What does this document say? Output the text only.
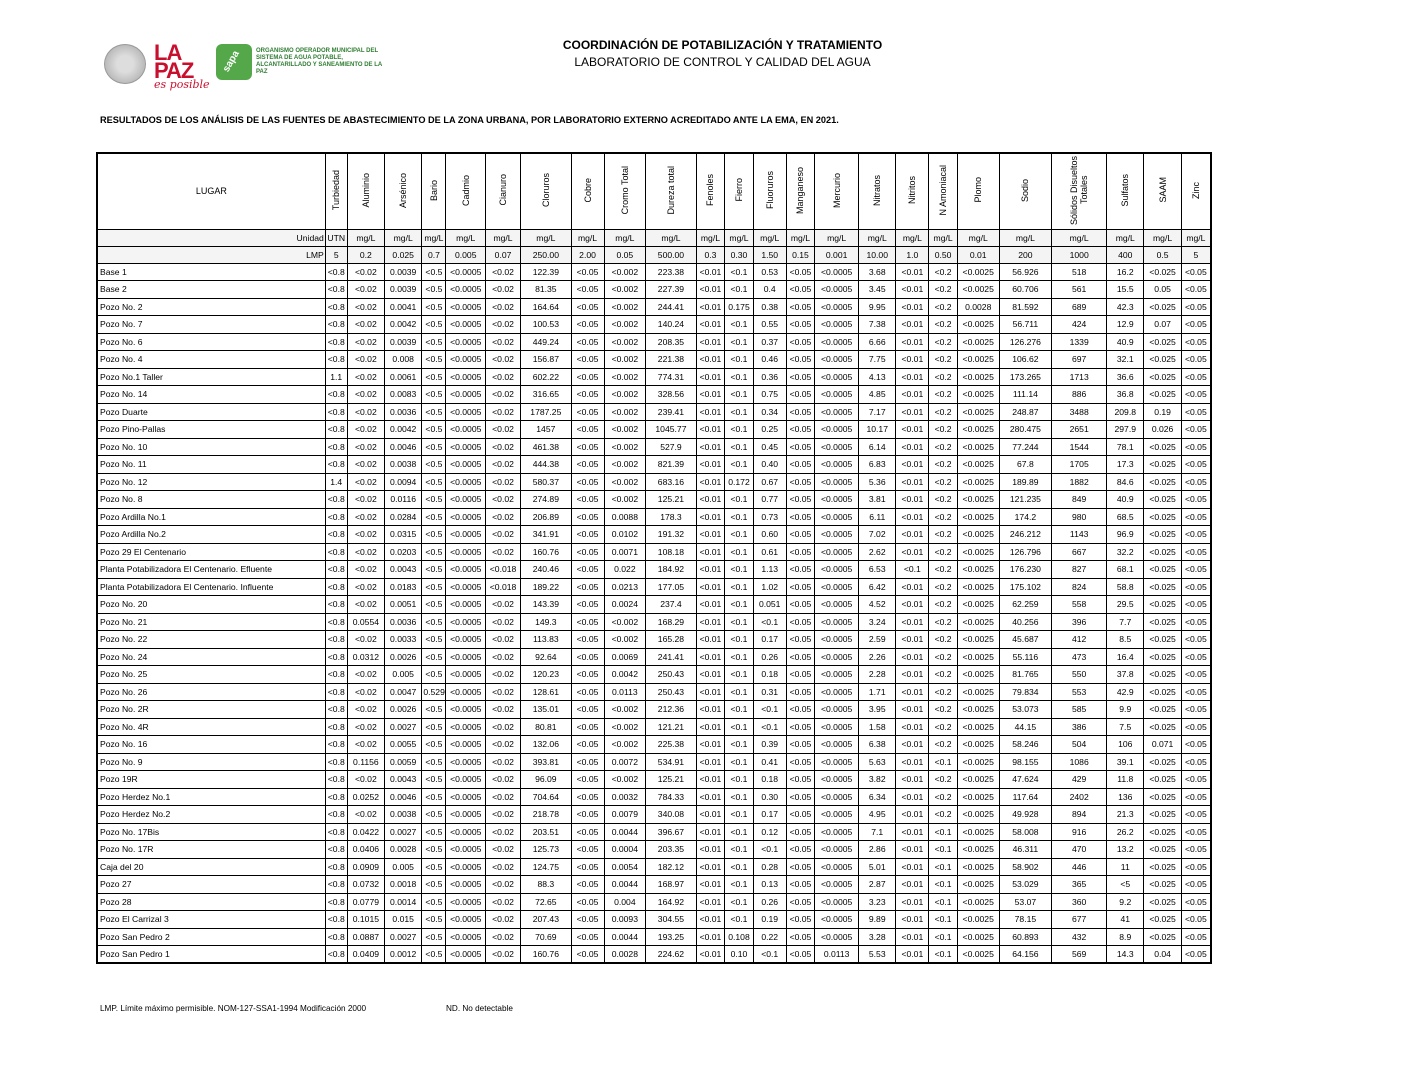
LA
PAZ
es posible
sapa ORGANISMO OPERADOR MUNICIPAL DEL SISTEMA DE AGUA POTABLE, ALCANTARILLADO Y SANEAMIENTO DE LA PAZ
COORDINACIÓN DE POTABILIZACIÓN Y TRATAMIENTO
LABORATORIO DE CONTROL Y CALIDAD DEL AGUA
RESULTADOS DE LOS ANÁLISIS DE LAS FUENTES DE ABASTECIMIENTO DE LA ZONA URBANA, POR LABORATORIO EXTERNO ACREDITADO ANTE LA EMA, EN 2021.
LUGAR	Turbiedad	Aluminio	Arsénico	Bario	Cadmio	Cianuro	Cloruros	Cobre	Cromo Total	Dureza total	Fenoles	Fierro	Fluoruros	Manganeso	Mercurio	Nitratos	Nitritos	N Amoniacal	Plomo	Sodio	Sólidos Disueltos Totales	Sulfatos	SAAM	Zinc
Unidad	UTN	mg/L	mg/L	mg/L	mg/L	mg/L	mg/L	mg/L	mg/L	mg/L	mg/L	mg/L	mg/L	mg/L	mg/L	mg/L	mg/L	mg/L	mg/L	mg/L	mg/L	mg/L	mg/L	mg/L
LMP	5	0.2	0.025	0.7	0.005	0.07	250.00	2.00	0.05	500.00	0.3	0.30	1.50	0.15	0.001	10.00	1.0	0.50	0.01	200	1000	400	0.5	5
Base 1	<0.8	<0.02	0.0039	<0.5	<0.0005	<0.02	122.39	<0.05	<0.002	223.38	<0.01	<0.1	0.53	<0.05	<0.0005	3.68	<0.01	<0.2	<0.0025	56.926	518	16.2	<0.025	<0.05
Base 2	<0.8	<0.02	0.0039	<0.5	<0.0005	<0.02	81.35	<0.05	<0.002	227.39	<0.01	<0.1	0.4	<0.05	<0.0005	3.45	<0.01	<0.2	<0.0025	60.706	561	15.5	0.05	<0.05
Pozo No. 2	<0.8	<0.02	0.0041	<0.5	<0.0005	<0.02	164.64	<0.05	<0.002	244.41	<0.01	0.175	0.38	<0.05	<0.0005	9.95	<0.01	<0.2	0.0028	81.592	689	42.3	<0.025	<0.05
Pozo No. 7	<0.8	<0.02	0.0042	<0.5	<0.0005	<0.02	100.53	<0.05	<0.002	140.24	<0.01	<0.1	0.55	<0.05	<0.0005	7.38	<0.01	<0.2	<0.0025	56.711	424	12.9	0.07	<0.05
Pozo No. 6	<0.8	<0.02	0.0039	<0.5	<0.0005	<0.02	449.24	<0.05	<0.002	208.35	<0.01	<0.1	0.37	<0.05	<0.0005	6.66	<0.01	<0.2	<0.0025	126.276	1339	40.9	<0.025	<0.05
Pozo No. 4	<0.8	<0.02	0.008	<0.5	<0.0005	<0.02	156.87	<0.05	<0.002	221.38	<0.01	<0.1	0.46	<0.05	<0.0005	7.75	<0.01	<0.2	<0.0025	106.62	697	32.1	<0.025	<0.05
Pozo No.1 Taller	1.1	<0.02	0.0061	<0.5	<0.0005	<0.02	602.22	<0.05	<0.002	774.31	<0.01	<0.1	0.36	<0.05	<0.0005	4.13	<0.01	<0.2	<0.0025	173.265	1713	36.6	<0.025	<0.05
Pozo No. 14	<0.8	<0.02	0.0083	<0.5	<0.0005	<0.02	316.65	<0.05	<0.002	328.56	<0.01	<0.1	0.75	<0.05	<0.0005	4.85	<0.01	<0.2	<0.0025	111.14	886	36.8	<0.025	<0.05
Pozo Duarte	<0.8	<0.02	0.0036	<0.5	<0.0005	<0.02	1787.25	<0.05	<0.002	239.41	<0.01	<0.1	0.34	<0.05	<0.0005	7.17	<0.01	<0.2	<0.0025	248.87	3488	209.8	0.19	<0.05
Pozo Pino-Pallas	<0.8	<0.02	0.0042	<0.5	<0.0005	<0.02	1457	<0.05	<0.002	1045.77	<0.01	<0.1	0.25	<0.05	<0.0005	10.17	<0.01	<0.2	<0.0025	280.475	2651	297.9	0.026	<0.05
Pozo No. 10	<0.8	<0.02	0.0046	<0.5	<0.0005	<0.02	461.38	<0.05	<0.002	527.9	<0.01	<0.1	0.45	<0.05	<0.0005	6.14	<0.01	<0.2	<0.0025	77.244	1544	78.1	<0.025	<0.05
Pozo No. 11	<0.8	<0.02	0.0038	<0.5	<0.0005	<0.02	444.38	<0.05	<0.002	821.39	<0.01	<0.1	0.40	<0.05	<0.0005	6.83	<0.01	<0.2	<0.0025	67.8	1705	17.3	<0.025	<0.05
Pozo No. 12	1.4	<0.02	0.0094	<0.5	<0.0005	<0.02	580.37	<0.05	<0.002	683.16	<0.01	0.172	0.67	<0.05	<0.0005	5.36	<0.01	<0.2	<0.0025	189.89	1882	84.6	<0.025	<0.05
Pozo No. 8	<0.8	<0.02	0.0116	<0.5	<0.0005	<0.02	274.89	<0.05	<0.002	125.21	<0.01	<0.1	0.77	<0.05	<0.0005	3.81	<0.01	<0.2	<0.0025	121.235	849	40.9	<0.025	<0.05
Pozo Ardilla No.1	<0.8	<0.02	0.0284	<0.5	<0.0005	<0.02	206.89	<0.05	0.0088	178.3	<0.01	<0.1	0.73	<0.05	<0.0005	6.11	<0.01	<0.2	<0.0025	174.2	980	68.5	<0.025	<0.05
Pozo Ardilla No.2	<0.8	<0.02	0.0315	<0.5	<0.0005	<0.02	341.91	<0.05	0.0102	191.32	<0.01	<0.1	0.60	<0.05	<0.0005	7.02	<0.01	<0.2	<0.0025	246.212	1143	96.9	<0.025	<0.05
Pozo 29 El Centenario	<0.8	<0.02	0.0203	<0.5	<0.0005	<0.02	160.76	<0.05	0.0071	108.18	<0.01	<0.1	0.61	<0.05	<0.0005	2.62	<0.01	<0.2	<0.0025	126.796	667	32.2	<0.025	<0.05
Planta Potabilizadora El Centenario. Efluente	<0.8	<0.02	0.0043	<0.5	<0.0005	<0.018	240.46	<0.05	0.022	184.92	<0.01	<0.1	1.13	<0.05	<0.0005	6.53	<0.1	<0.2	<0.0025	176.230	827	68.1	<0.025	<0.05
Planta Potabilizadora El Centenario. Influente	<0.8	<0.02	0.0183	<0.5	<0.0005	<0.018	189.22	<0.05	0.0213	177.05	<0.01	<0.1	1.02	<0.05	<0.0005	6.42	<0.01	<0.2	<0.0025	175.102	824	58.8	<0.025	<0.05
Pozo No. 20	<0.8	<0.02	0.0051	<0.5	<0.0005	<0.02	143.39	<0.05	0.0024	237.4	<0.01	<0.1	0.051	<0.05	<0.0005	4.52	<0.01	<0.2	<0.0025	62.259	558	29.5	<0.025	<0.05
Pozo No. 21	<0.8	0.0554	0.0036	<0.5	<0.0005	<0.02	149.3	<0.05	<0.002	168.29	<0.01	<0.1	<0.1	<0.05	<0.0005	3.24	<0.01	<0.2	<0.0025	40.256	396	7.7	<0.025	<0.05
Pozo No. 22	<0.8	<0.02	0.0033	<0.5	<0.0005	<0.02	113.83	<0.05	<0.002	165.28	<0.01	<0.1	0.17	<0.05	<0.0005	2.59	<0.01	<0.2	<0.0025	45.687	412	8.5	<0.025	<0.05
Pozo No. 24	<0.8	0.0312	0.0026	<0.5	<0.0005	<0.02	92.64	<0.05	0.0069	241.41	<0.01	<0.1	0.26	<0.05	<0.0005	2.26	<0.01	<0.2	<0.0025	55.116	473	16.4	<0.025	<0.05
Pozo No. 25	<0.8	<0.02	0.005	<0.5	<0.0005	<0.02	120.23	<0.05	0.0042	250.43	<0.01	<0.1	0.18	<0.05	<0.0005	2.28	<0.01	<0.2	<0.0025	81.765	550	37.8	<0.025	<0.05
Pozo No. 26	<0.8	<0.02	0.0047	0.529	<0.0005	<0.02	128.61	<0.05	0.0113	250.43	<0.01	<0.1	0.31	<0.05	<0.0005	1.71	<0.01	<0.2	<0.0025	79.834	553	42.9	<0.025	<0.05
Pozo No. 2R	<0.8	<0.02	0.0026	<0.5	<0.0005	<0.02	135.01	<0.05	<0.002	212.36	<0.01	<0.1	<0.1	<0.05	<0.0005	3.95	<0.01	<0.2	<0.0025	53.073	585	9.9	<0.025	<0.05
Pozo No. 4R	<0.8	<0.02	0.0027	<0.5	<0.0005	<0.02	80.81	<0.05	<0.002	121.21	<0.01	<0.1	<0.1	<0.05	<0.0005	1.58	<0.01	<0.2	<0.0025	44.15	386	7.5	<0.025	<0.05
Pozo No. 16	<0.8	<0.02	0.0055	<0.5	<0.0005	<0.02	132.06	<0.05	<0.002	225.38	<0.01	<0.1	0.39	<0.05	<0.0005	6.38	<0.01	<0.2	<0.0025	58.246	504	106	0.071	<0.05
Pozo No. 9	<0.8	0.1156	0.0059	<0.5	<0.0005	<0.02	393.81	<0.05	0.0072	534.91	<0.01	<0.1	0.41	<0.05	<0.0005	5.63	<0.01	<0.1	<0.0025	98.155	1086	39.1	<0.025	<0.05
Pozo 19R	<0.8	<0.02	0.0043	<0.5	<0.0005	<0.02	96.09	<0.05	<0.002	125.21	<0.01	<0.1	0.18	<0.05	<0.0005	3.82	<0.01	<0.2	<0.0025	47.624	429	11.8	<0.025	<0.05
Pozo Herdez No.1	<0.8	0.0252	0.0046	<0.5	<0.0005	<0.02	704.64	<0.05	0.0032	784.33	<0.01	<0.1	0.30	<0.05	<0.0005	6.34	<0.01	<0.2	<0.0025	117.64	2402	136	<0.025	<0.05
Pozo Herdez No.2	<0.8	<0.02	0.0038	<0.5	<0.0005	<0.02	218.78	<0.05	0.0079	340.08	<0.01	<0.1	0.17	<0.05	<0.0005	4.95	<0.01	<0.2	<0.0025	49.928	894	21.3	<0.025	<0.05
Pozo No. 17Bis	<0.8	0.0422	0.0027	<0.5	<0.0005	<0.02	203.51	<0.05	0.0044	396.67	<0.01	<0.1	0.12	<0.05	<0.0005	7.1	<0.01	<0.1	<0.0025	58.008	916	26.2	<0.025	<0.05
Pozo No. 17R	<0.8	0.0406	0.0028	<0.5	<0.0005	<0.02	125.73	<0.05	0.0004	203.35	<0.01	<0.1	<0.1	<0.05	<0.0005	2.86	<0.01	<0.1	<0.0025	46.311	470	13.2	<0.025	<0.05
Caja del 20	<0.8	0.0909	0.005	<0.5	<0.0005	<0.02	124.75	<0.05	0.0054	182.12	<0.01	<0.1	0.28	<0.05	<0.0005	5.01	<0.01	<0.1	<0.0025	58.902	446	11	<0.025	<0.05
Pozo 27	<0.8	0.0732	0.0018	<0.5	<0.0005	<0.02	88.3	<0.05	0.0044	168.97	<0.01	<0.1	0.13	<0.05	<0.0005	2.87	<0.01	<0.1	<0.0025	53.029	365	<5	<0.025	<0.05
Pozo 28	<0.8	0.0779	0.0014	<0.5	<0.0005	<0.02	72.65	<0.05	0.004	164.92	<0.01	<0.1	0.26	<0.05	<0.0005	3.23	<0.01	<0.1	<0.0025	53.07	360	9.2	<0.025	<0.05
Pozo El Carrizal 3	<0.8	0.1015	0.015	<0.5	<0.0005	<0.02	207.43	<0.05	0.0093	304.55	<0.01	<0.1	0.19	<0.05	<0.0005	9.89	<0.01	<0.1	<0.0025	78.15	677	41	<0.025	<0.05
Pozo San Pedro 2	<0.8	0.0887	0.0027	<0.5	<0.0005	<0.02	70.69	<0.05	0.0044	193.25	<0.01	0.108	0.22	<0.05	<0.0005	3.28	<0.01	<0.1	<0.0025	60.893	432	8.9	<0.025	<0.05
Pozo San Pedro 1	<0.8	0.0409	0.0012	<0.5	<0.0005	<0.02	160.76	<0.05	0.0028	224.62	<0.01	0.10	<0.1	<0.05	0.0113	5.53	<0.01	<0.1	<0.0025	64.156	569	14.3	0.04	<0.05
LMP. Límite máximo permisible. NOM-127-SSA1-1994 Modificación 2000	ND. No detectable
